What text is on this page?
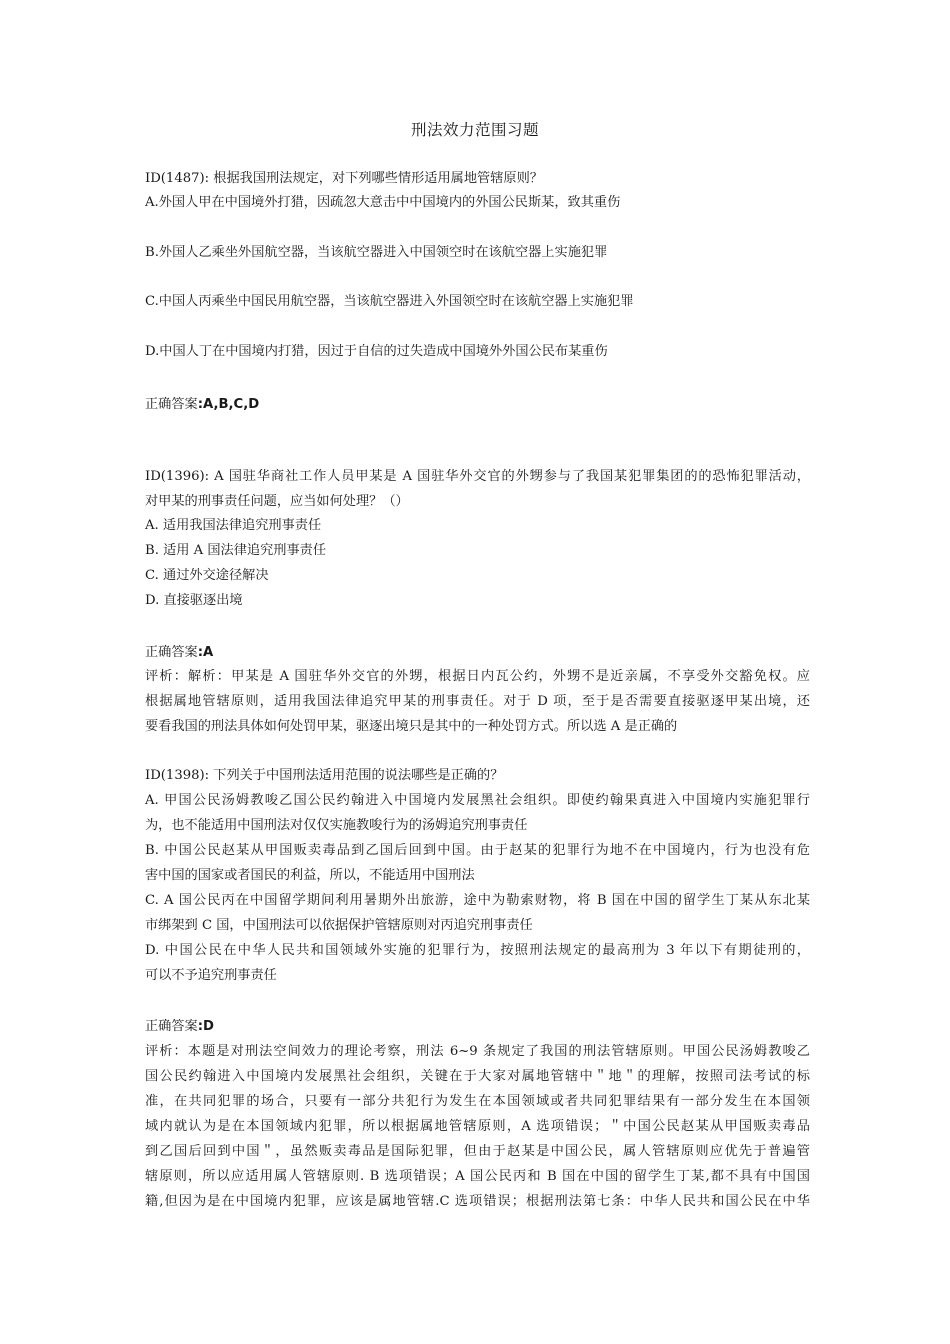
刑法效力范围习题
ID(1487): 根据我国刑法规定，对下列哪些情形适用属地管辖原则？
A.外国人甲在中国境外打猎，因疏忽大意击中中国境内的外国公民斯某，致其重伤
B.外国人乙乘坐外国航空器，当该航空器进入中国领空时在该航空器上实施犯罪
C.中国人丙乘坐中国民用航空器，当该航空器进入外国领空时在该航空器上实施犯罪
D.中国人丁在中国境内打猎，因过于自信的过失造成中国境外外国公民布某重伤
正确答案:A,B,C,D
ID(1396): A 国驻华商社工作人员甲某是 A 国驻华外交官的外甥参与了我国某犯罪集团的的恐怖犯罪活动，
对甲某的刑事责任问题，应当如何处理？（）
A. 适用我国法律追究刑事责任
B. 适用 A 国法律追究刑事责任
C. 通过外交途径解决
D. 直接驱逐出境
正确答案:A
评析：解析：甲某是 A 国驻华外交官的外甥，根据日内瓦公约，外甥不是近亲属，不享受外交豁免权。应
根据属地管辖原则，适用我国法律追究甲某的刑事责任。对于 D 项，至于是否需要直接驱逐甲某出境，还
要看我国的刑法具体如何处罚甲某，驱逐出境只是其中的一种处罚方式。所以选 A 是正确的
ID(1398): 下列关于中国刑法适用范围的说法哪些是正确的？
A. 甲国公民汤姆教唆乙国公民约翰进入中国境内发展黑社会组织。即使约翰果真进入中国境内实施犯罪行
为，也不能适用中国刑法对仅仅实施教唆行为的汤姆追究刑事责任
B. 中国公民赵某从甲国贩卖毒品到乙国后回到中国。由于赵某的犯罪行为地不在中国境内，行为也没有危
害中国的国家或者国民的利益，所以，不能适用中国刑法
C. A 国公民丙在中国留学期间利用暑期外出旅游，途中为勒索财物，将 B 国在中国的留学生丁某从东北某
市绑架到 C 国，中国刑法可以依据保护管辖原则对丙追究刑事责任
D. 中国公民在中华人民共和国领域外实施的犯罪行为，按照刑法规定的最高刑为 3 年以下有期徒刑的，
可以不予追究刑事责任
正确答案:D
评析：本题是对刑法空间效力的理论考察，刑法 6~9 条规定了我国的刑法管辖原则。甲国公民汤姆教唆乙
国公民约翰进入中国境内发展黑社会组织，关键在于大家对属地管辖中＂地＂的理解，按照司法考试的标
准，在共同犯罪的场合，只要有一部分共犯行为发生在本国领域或者共同犯罪结果有一部分发生在本国领
域内就认为是在本国领域内犯罪，所以根据属地管辖原则，A 选项错误；＂中国公民赵某从甲国贩卖毒品
到乙国后回到中国＂，虽然贩卖毒品是国际犯罪，但由于赵某是中国公民，属人管辖原则应优先于普遍管
辖原则，所以应适用属人管辖原则. B 选项错误；A 国公民丙和 B 国在中国的留学生丁某,都不具有中国国
籍,但因为是在中国境内犯罪，应该是属地管辖.C 选项错误；根据刑法第七条：中华人民共和国公民在中华
